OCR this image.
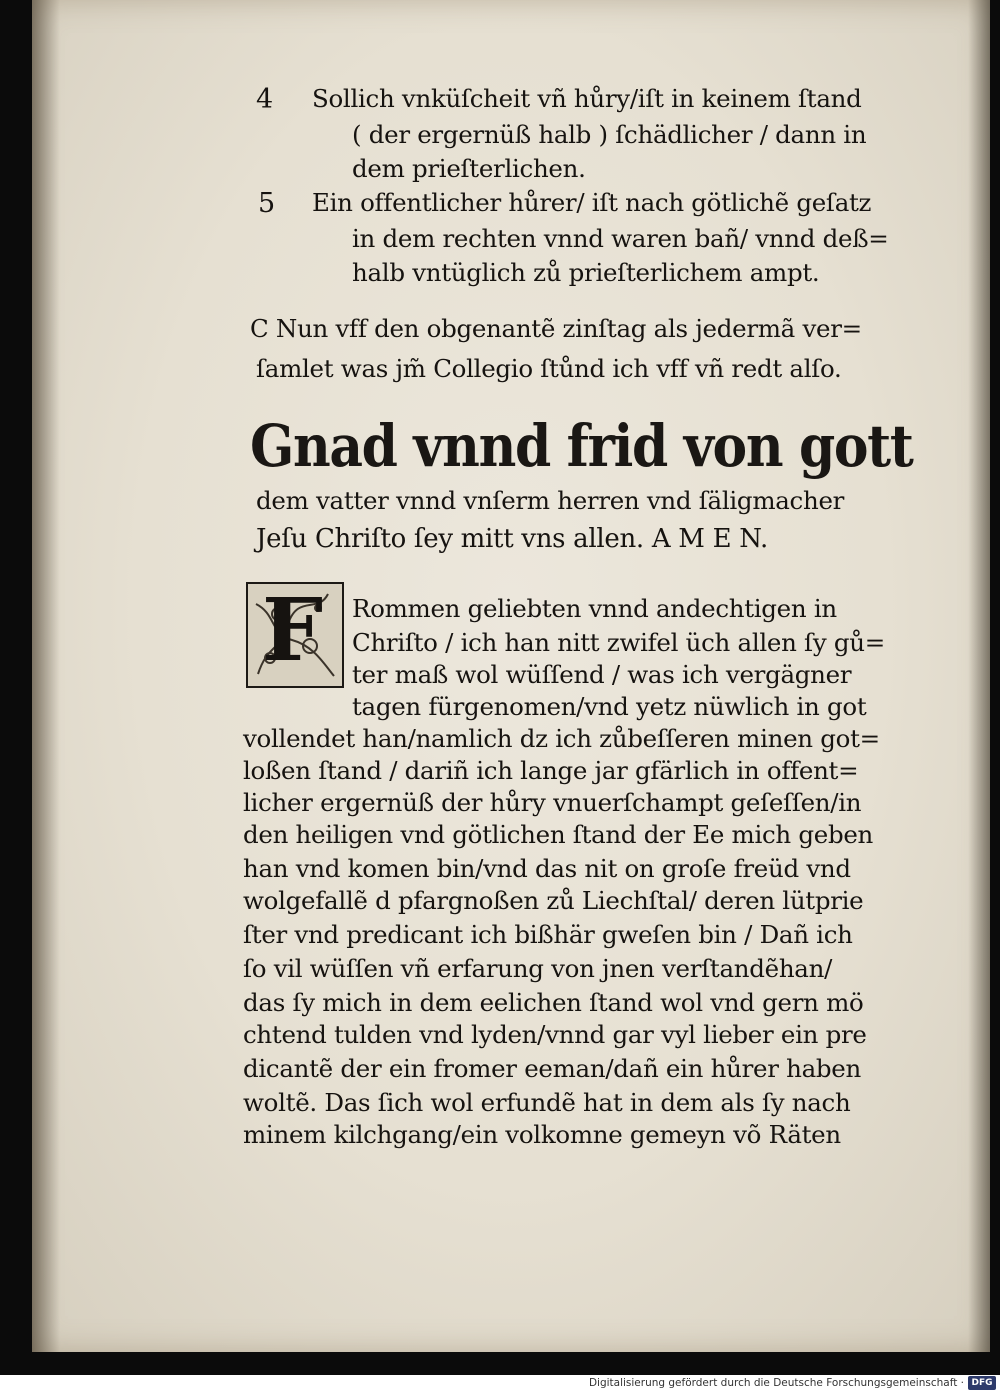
4 Sollich vnküſcheit vñ hůry/iſt in keinem ſtand
( der ergernüß halb ) ſchädlicher / dann in
dem prieſterlichen.
5 Ein offentlicher hůrer/ iſt nach götlichẽ geſatz
in dem rechten vnnd waren bañ/ vnnd deß=
halb vntüglich zů prieſterlichem ampt.
C Nun vff den obgenantẽ zinſtag als jedermã ver=
ſamlet was jm̃ Collegio ſtůnd ich vff vñ redt alſo.
Gnad vnnd frid von gott
dem vatter vnnd vnſerm herren vnd ſäligmacher
Jeſu Chriſto ſey mitt vns allen. A M E N.
F Rommen geliebten vnnd andechtigen in
Chriſto / ich han nitt zwifel üch allen ſy gů=
ter maß wol wüſſend / was ich vergägner
tagen fürgenomen/vnd yetz nüwlich in got
vollendet han/namlich dz ich zůbeſſeren minen got=
loßen ſtand / dariñ ich lange jar gfärlich in offent=
licher ergernüß der hůry vnuerſchampt geſeſſen/in
den heiligen vnd götlichen ſtand der Ee mich geben
han vnd komen bin/vnd das nit on groſe freüd vnd
wolgefallẽ d pfargnoßen zů Liechſtal/ deren lütprie
ſter vnd predicant ich bißhär gweſen bin / Dañ ich
ſo vil wüſſen vñ erfarung von jnen verſtandẽhan/
das ſy mich in dem eelichen ſtand wol vnd gern mö
chtend tulden vnd lyden/vnnd gar vyl lieber ein pre
dicantẽ der ein fromer eeman/dañ ein hůrer haben
woltẽ. Das ſich wol erfundẽ hat in dem als ſy nach
minem kilchgang/ein volkomne gemeyn võ Räten
Digitalisierung gefördert durch die Deutsche Forschungsgemeinschaft · DFG
